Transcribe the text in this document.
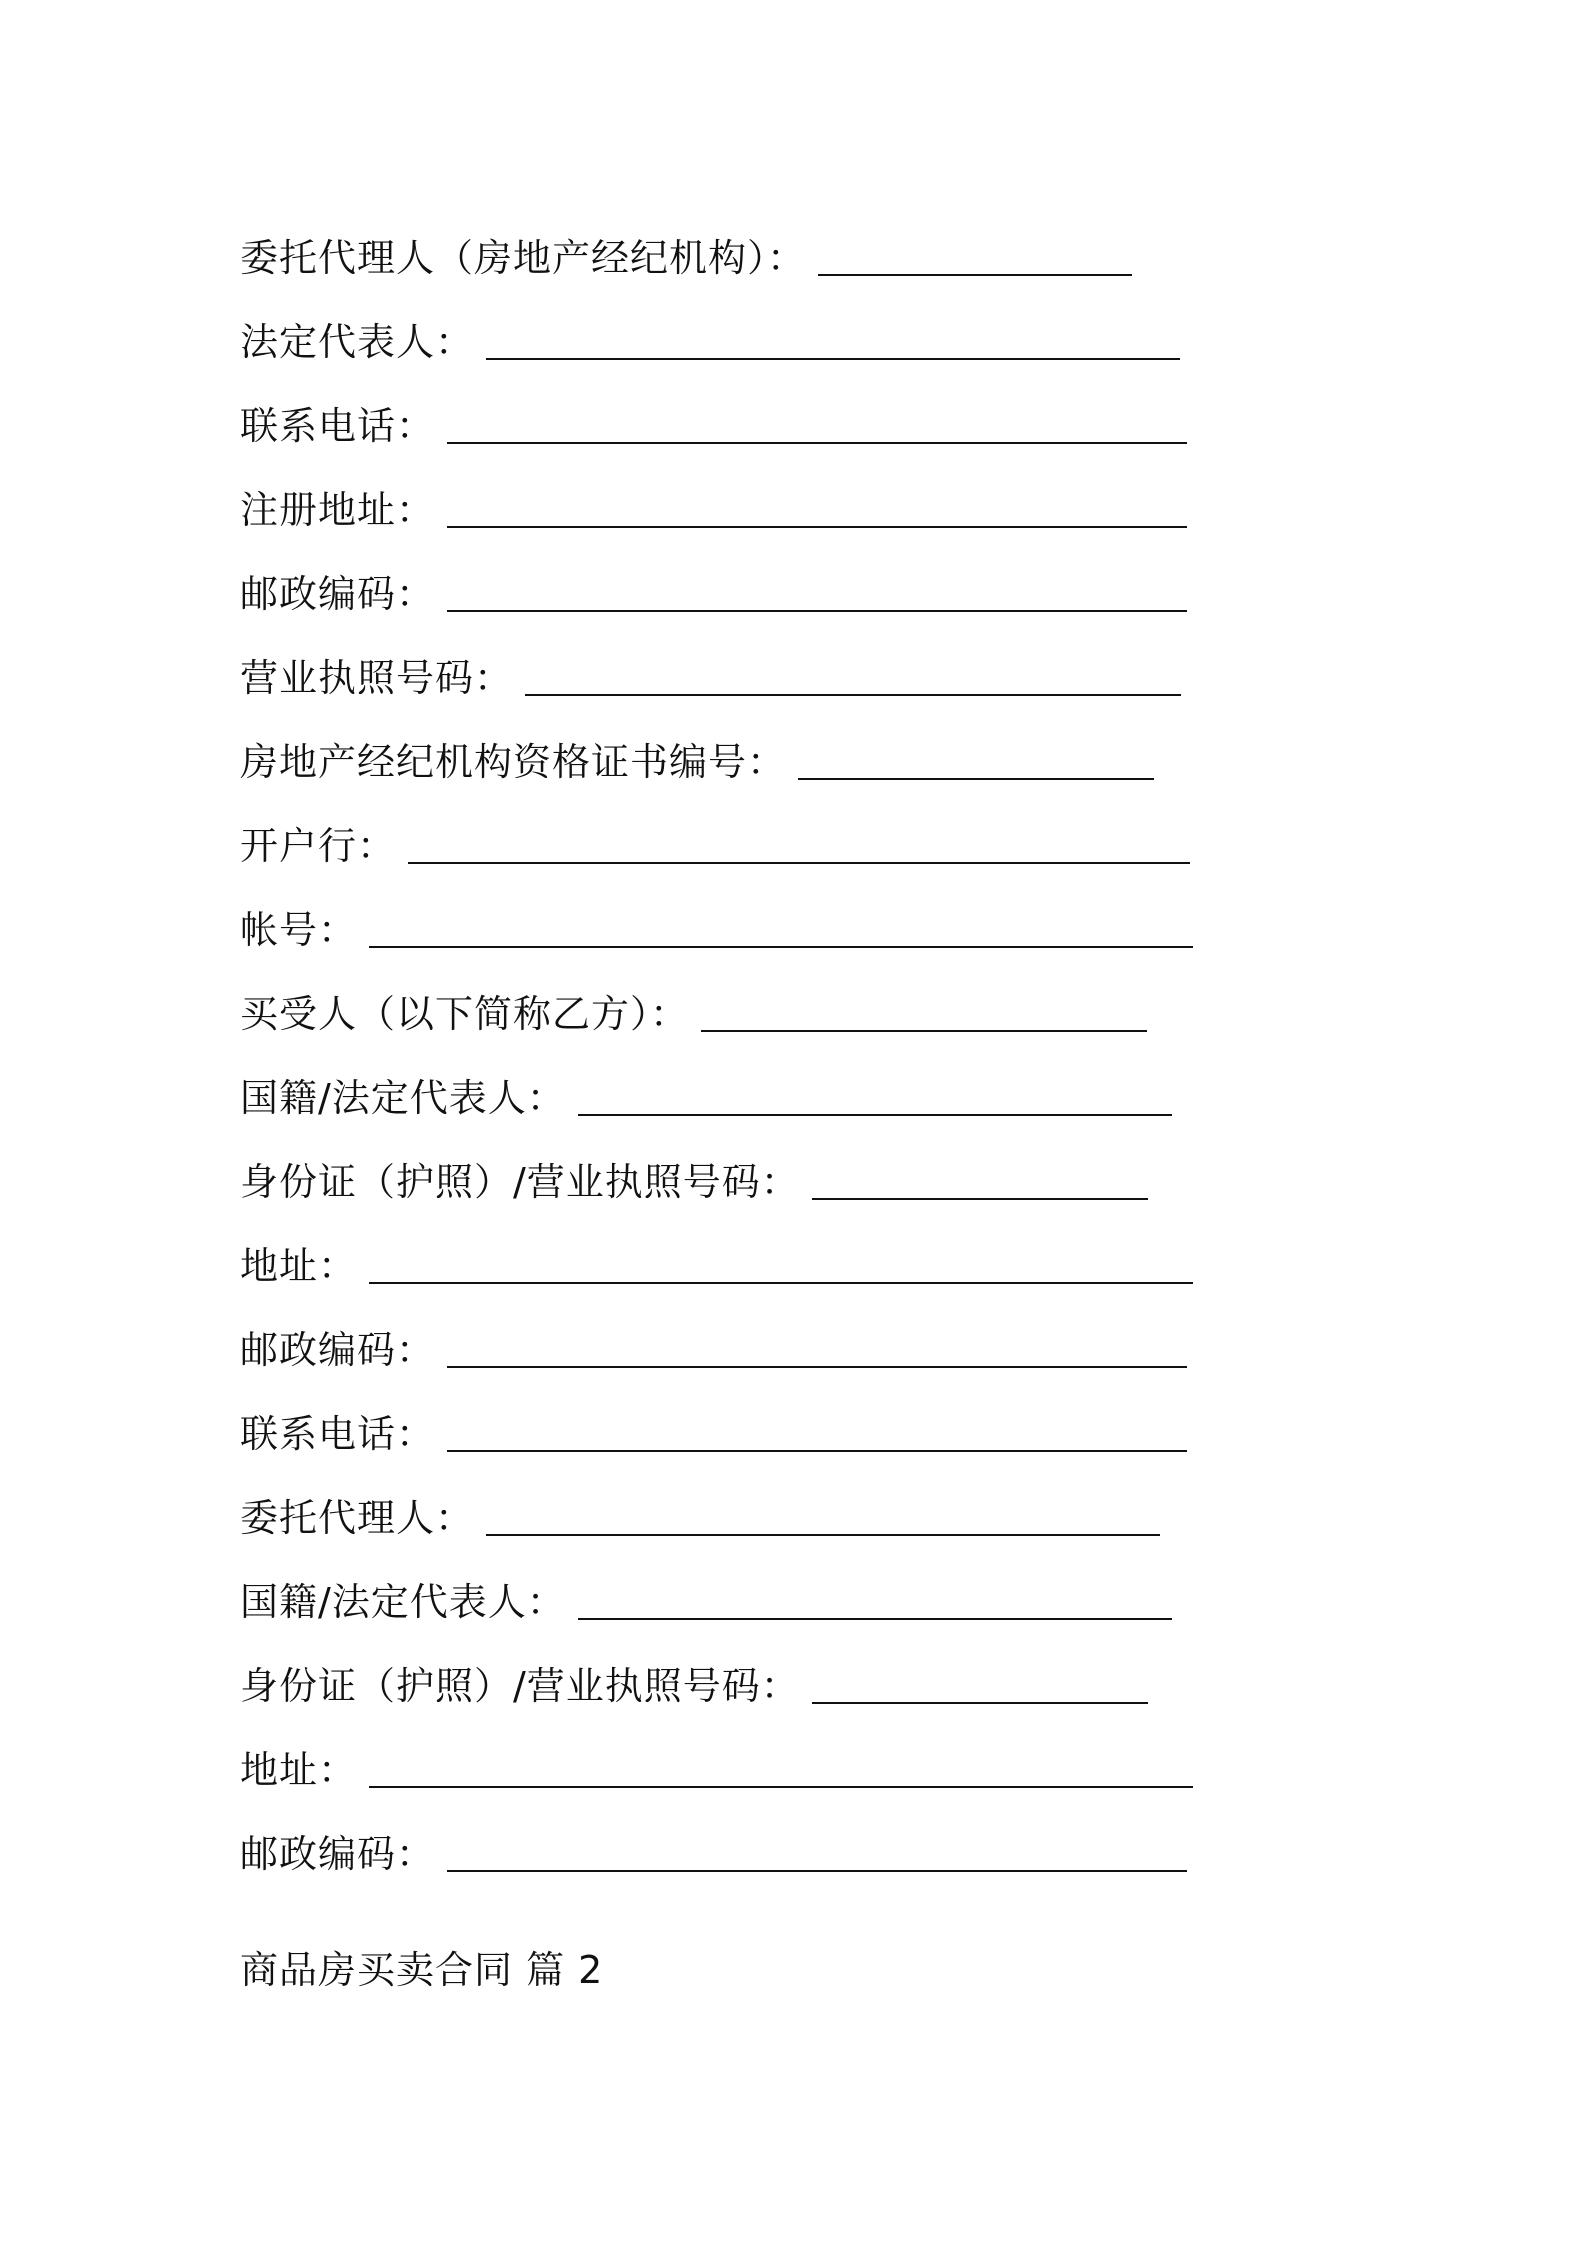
委托代理人（房地产经纪机构）：
法定代表人：
联系电话：
注册地址：
邮政编码：
营业执照号码：
房地产经纪机构资格证书编号：
开户行：
帐号：
买受人（以下简称乙方）：
国籍/法定代表人：
身份证（护照）/营业执照号码：
地址：
邮政编码：
联系电话：
委托代理人：
国籍/法定代表人：
身份证（护照）/营业执照号码：
地址：
邮政编码：
商品房买卖合同 篇 2
